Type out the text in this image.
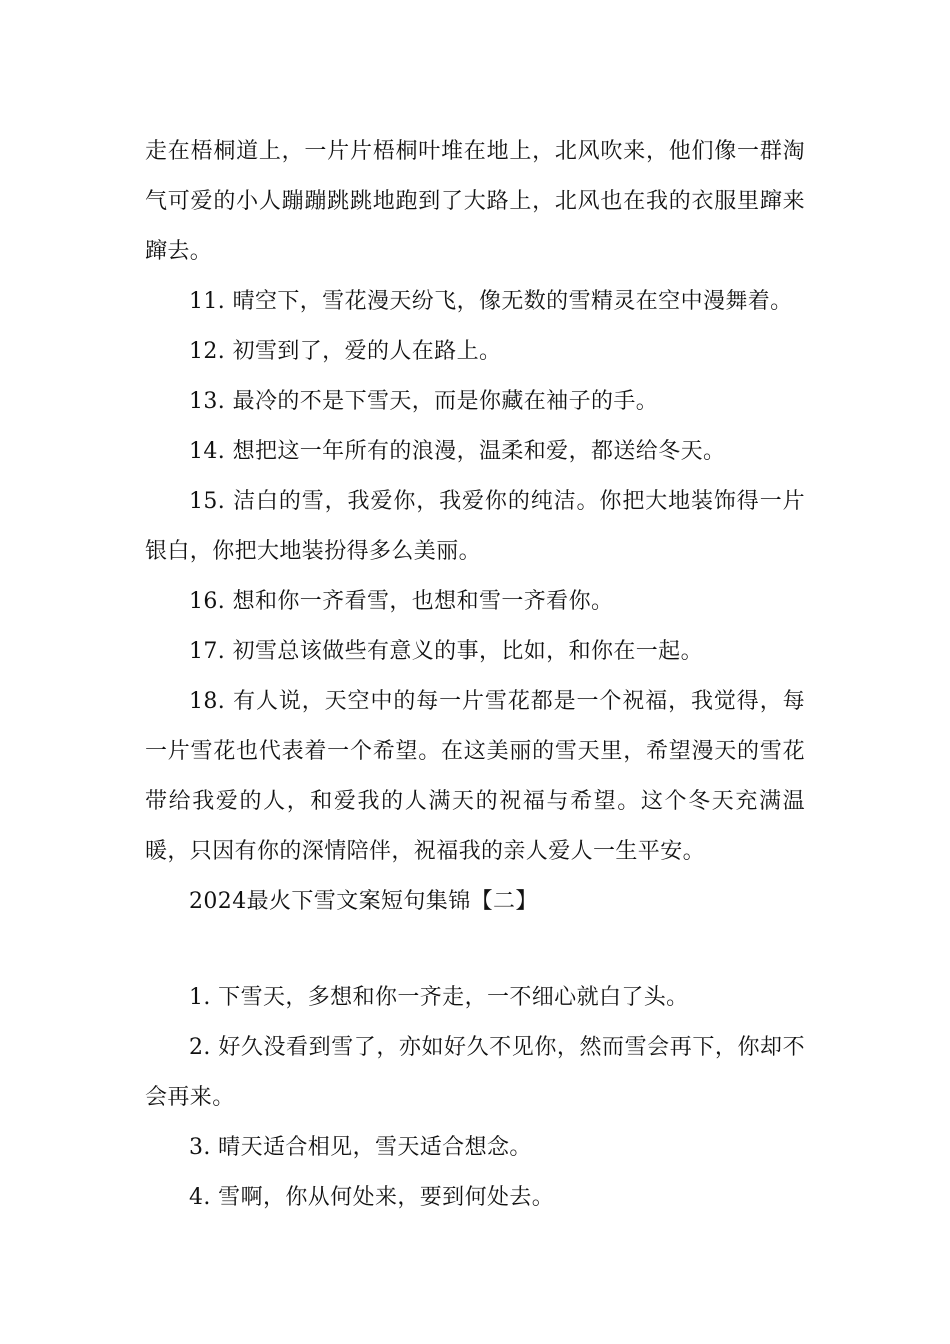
走在梧桐道上，一片片梧桐叶堆在地上，北风吹来，他们像一群淘气可爱的小人蹦蹦跳跳地跑到了大路上，北风也在我的衣服里蹿来蹿去。

11. 晴空下，雪花漫天纷飞，像无数的雪精灵在空中漫舞着。

12. 初雪到了，爱的人在路上。

13. 最冷的不是下雪天，而是你藏在袖子的手。

14. 想把这一年所有的浪漫，温柔和爱，都送给冬天。

15. 洁白的雪，我爱你，我爱你的纯洁。你把大地装饰得一片银白，你把大地装扮得多么美丽。

16. 想和你一齐看雪，也想和雪一齐看你。

17. 初雪总该做些有意义的事，比如，和你在一起。

18. 有人说，天空中的每一片雪花都是一个祝福，我觉得，每一片雪花也代表着一个希望。在这美丽的雪天里，希望漫天的雪花带给我爱的人，和爱我的人满天的祝福与希望。这个冬天充满温暖，只因有你的深情陪伴，祝福我的亲人爱人一生平安。

2024最火下雪文案短句集锦【二】

1. 下雪天，多想和你一齐走，一不细心就白了头。

2. 好久没看到雪了，亦如好久不见你，然而雪会再下，你却不会再来。

3. 晴天适合相见，雪天适合想念。

4. 雪啊，你从何处来，要到何处去。
